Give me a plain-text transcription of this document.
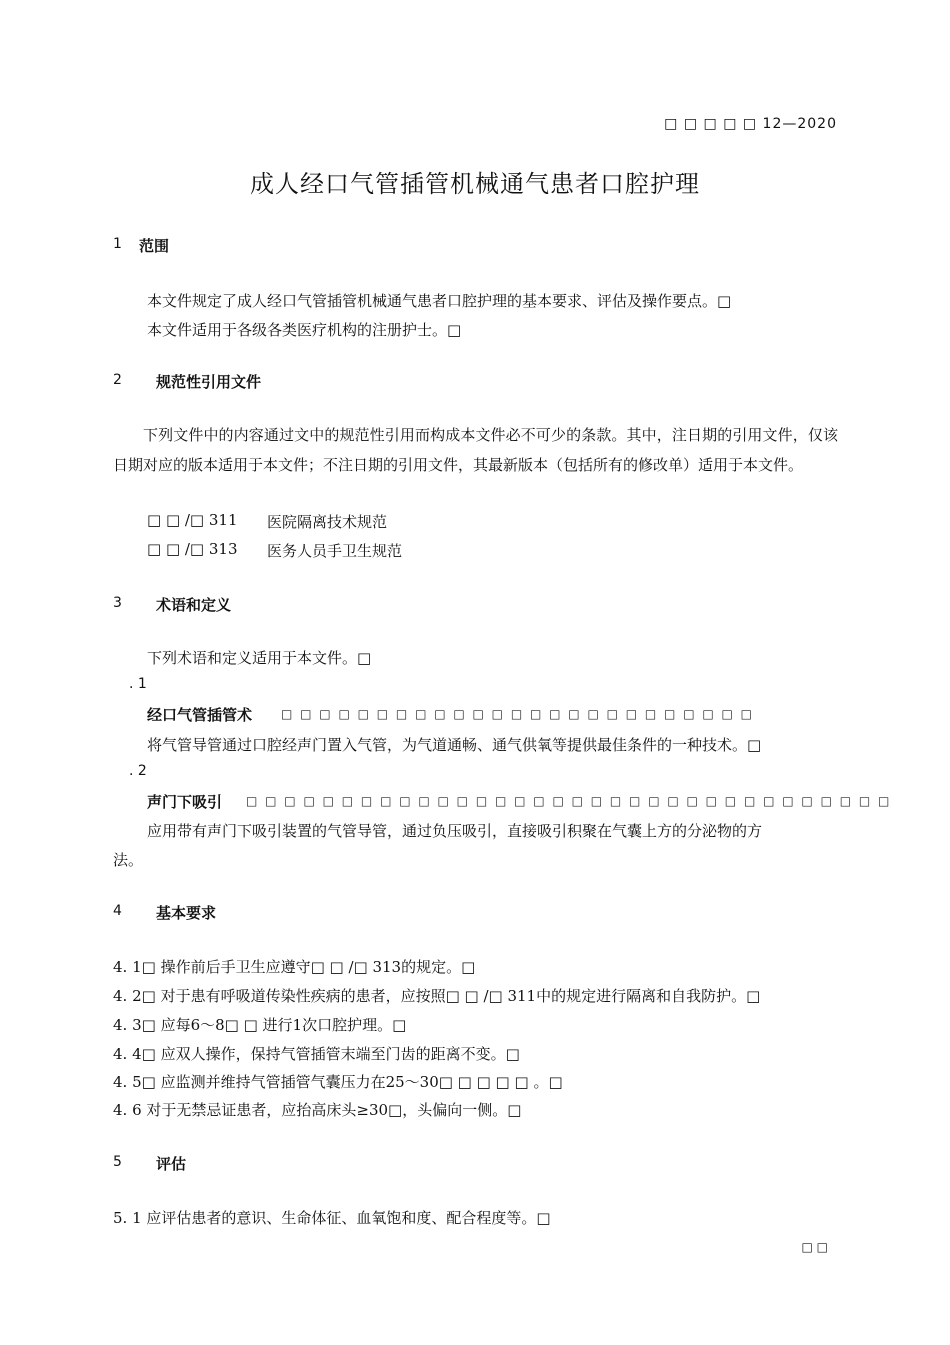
□ □ □ □ □ 12—2020
成人经口气管插管机械通气患者口腔护理
1 范围
本文件规定了成人经口气管插管机械通气患者口腔护理的基本要求、评估及操作要点。□
本文件适用于各级各类医疗机构的注册护士。□
2 规范性引用文件
下列文件中的内容通过文中的规范性引用而构成本文件必不可少的条款。其中，注日期的引用文件，仅该日期对应的版本适用于本文件；不注日期的引用文件，其最新版本（包括所有的修改单）适用于本文件。
□ □ /□ 311 医院隔离技术规范
□ □ /□ 313 医务人员手卫生规范
3 术语和定义
下列术语和定义适用于本文件。□
. 1
经口气管插管术 □ □ □ □ □ □ □ □ □ □ □ □ □ □ □ □ □ □ □ □ □ □ □ □ □
将气管导管通过口腔经声门置入气管，为气道通畅、通气供氧等提供最佳条件的一种技术。□
. 2
声门下吸引 □ □ □ □ □ □ □ □ □ □ □ □ □ □ □ □ □ □ □ □ □ □ □ □ □ □ □ □ □ □ □ □ □ □
应用带有声门下吸引装置的气管导管，通过负压吸引，直接吸引积聚在气囊上方的分泌物的方
法。
4 基本要求
4. 1□ 操作前后手卫生应遵守□ □ /□ 313的规定。□
4. 2□ 对于患有呼吸道传染性疾病的患者，应按照□ □ /□ 311中的规定进行隔离和自我防护。□
4. 3□ 应每6～8□ □ 进行1次口腔护理。□
4. 4□ 应双人操作，保持气管插管末端至门齿的距离不变。□
4. 5□ 应监测并维持气管插管气囊压力在25～30□ □ □ □ □ 。□
4. 6 对于无禁忌证患者，应抬高床头≥30□，头偏向一侧。□
5 评估
5. 1 应评估患者的意识、生命体征、血氧饱和度、配合程度等。□
□ □
